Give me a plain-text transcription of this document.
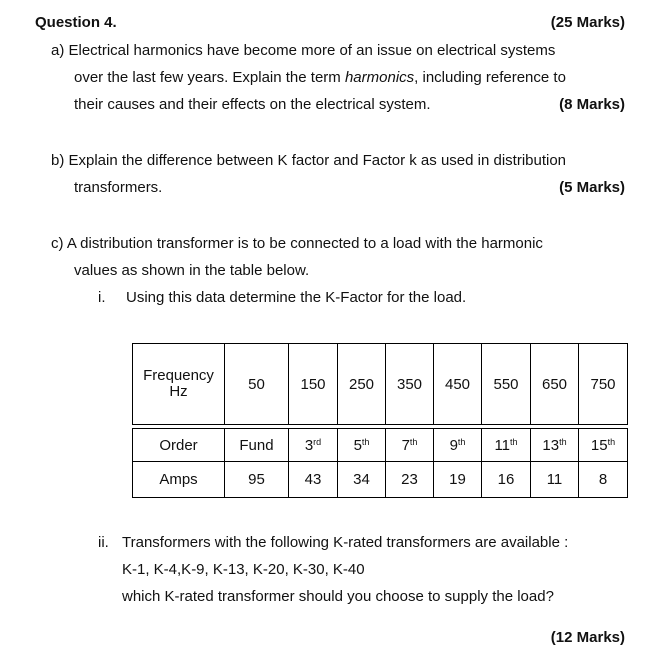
Question 4.	(25 Marks)
a) Electrical harmonics have become more of an issue on electrical systems
over the last few years. Explain the term harmonics, including reference to
their causes and their effects on the electrical system.	(8 Marks)
b) Explain the difference between K factor and Factor k as used in distribution
transformers.	(5 Marks)
c) A distribution transformer is to be connected to a load with the harmonic
values as shown in the table below.
i. Using this data determine the K-Factor for the load.
Frequency
Hz	50	150	250	350	450	550	650	750

Order	Fund	3rd	5th	7th	9th	11th	13th	15th
Amps	95	43	34	23	19	16	11	8
ii. Transformers with the following K-rated transformers are available :
K-1, K-4,K-9, K-13, K-20, K-30, K-40
which K-rated transformer should you choose to supply the load?
(12 Marks)
